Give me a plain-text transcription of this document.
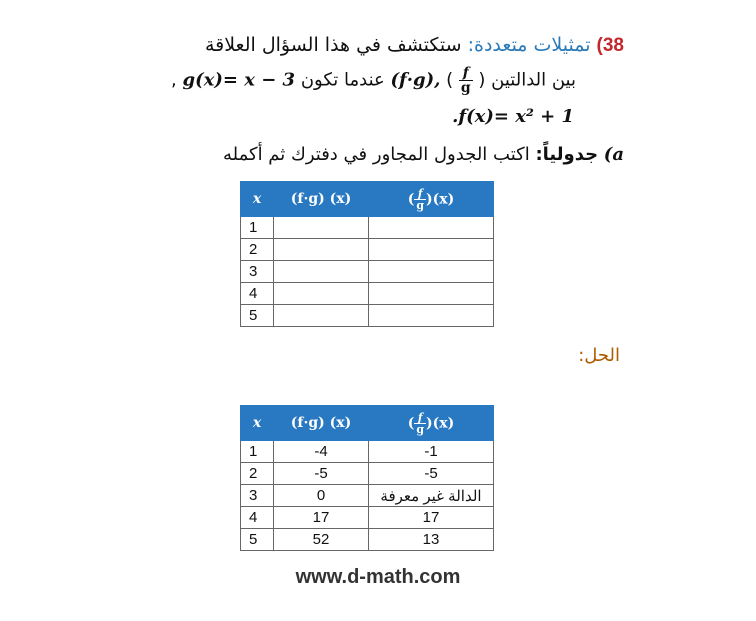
38) تمثيلات متعددة: ستكتشف في هذا السؤال العلاقة
بين الدالتين (
$\frac{f}{g}$
) (f·g), عندما تكون g(x)= x − 3 ,
.f(x)= x² + 1
a) جدولياً: اكتب الجدول المجاور في دفترك ثم أكمله
x	(f·g) (x)	( $\frac{f}{g} )(x)$
1		
2		
3		
4		
5		
الحل:
x	(f·g) (x)	( $\frac{f}{g} )(x)$
1	-4	-1
2	-5	-5
3	0	الدالة غير معرفة
4	17	17
5	52	13
www.d-math.com
